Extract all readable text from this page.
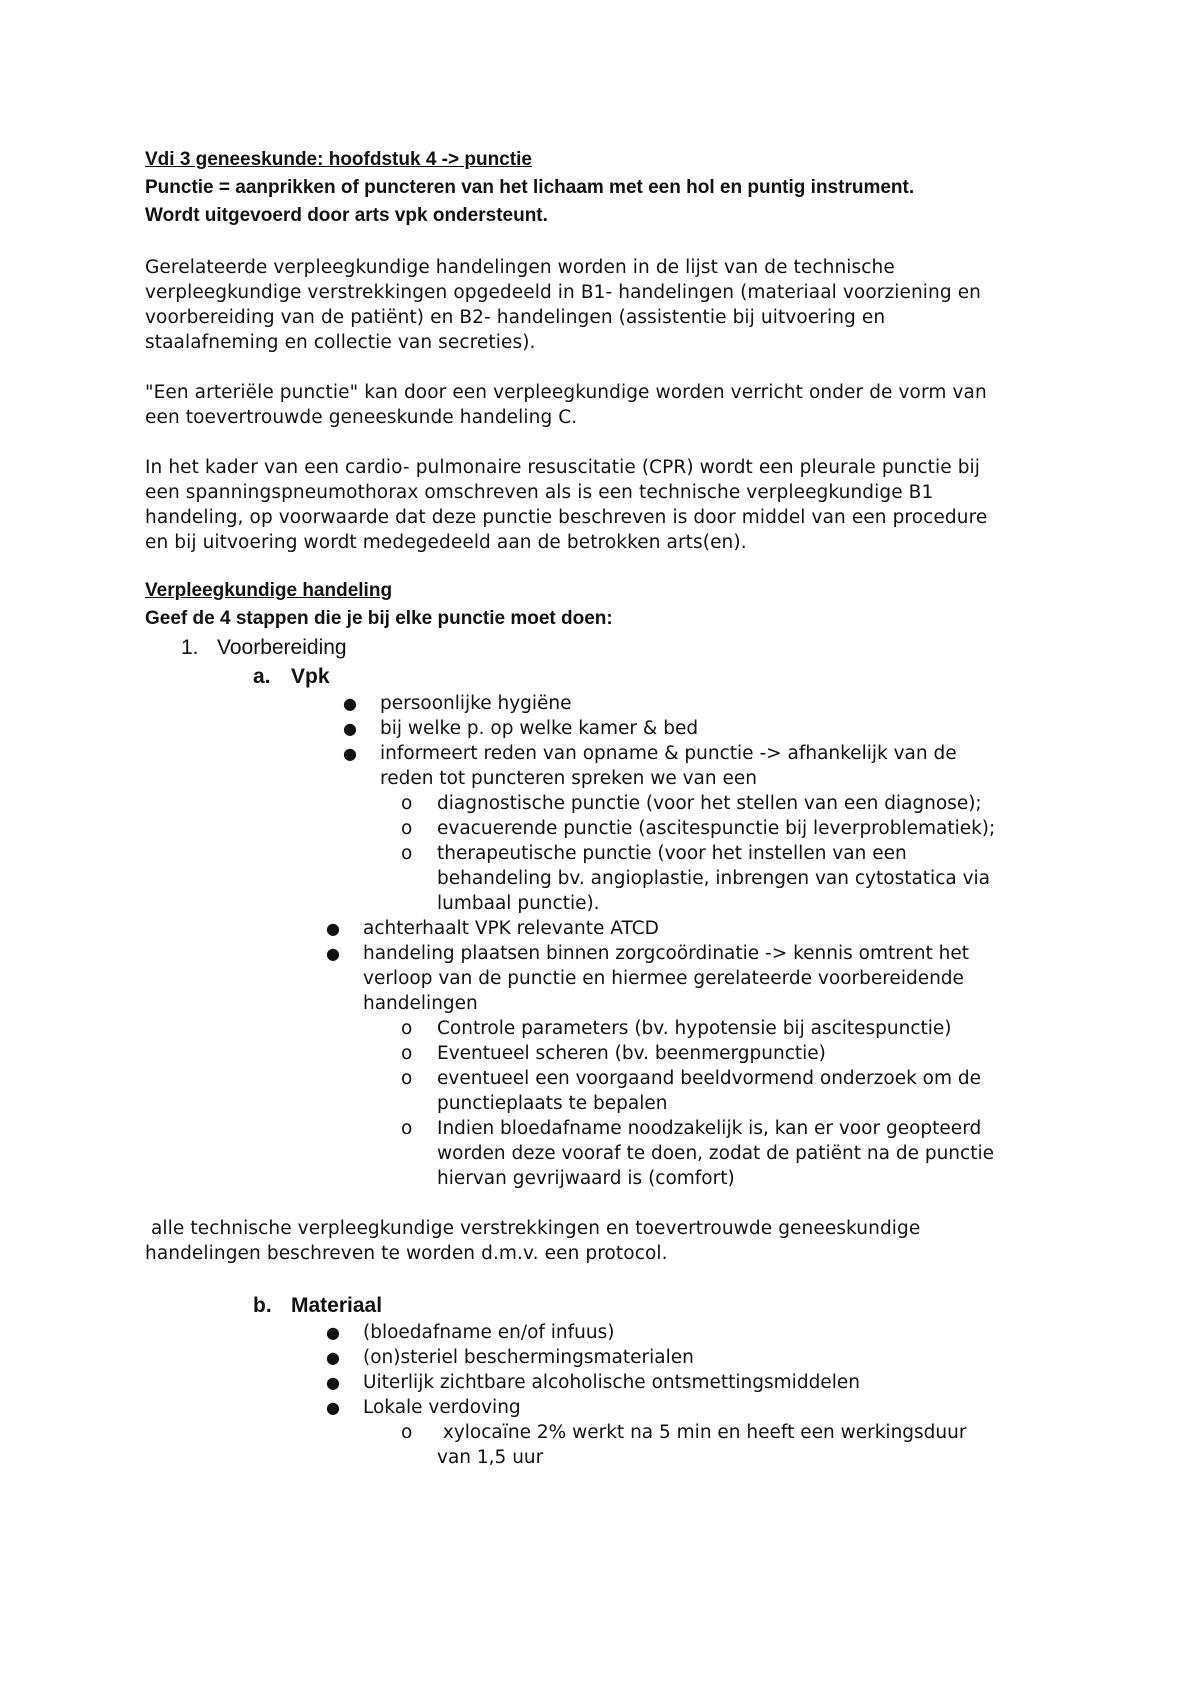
Vdi 3 geneeskunde: hoofdstuk 4 -> punctie

Punctie = aanprikken of puncteren van het lichaam met een hol en puntig instrument.

Wordt uitgevoerd door arts vpk ondersteunt.

Gerelateerde verpleegkundige handelingen worden in de lijst van de technische

verpleegkundige verstrekkingen opgedeeld in B1- handelingen (materiaal voorziening en

voorbereiding van de patiënt) en B2- handelingen (assistentie bij uitvoering en

staalafneming en collectie van secreties).

"Een arteriële punctie" kan door een verpleegkundige worden verricht onder de vorm van

een toevertrouwde geneeskunde handeling C.

In het kader van een cardio- pulmonaire resuscitatie (CPR) wordt een pleurale punctie bij

een spanningspneumothorax omschreven als is een technische verpleegkundige B1

handeling, op voorwaarde dat deze punctie beschreven is door middel van een procedure

en bij uitvoering wordt medegedeeld aan de betrokken arts(en).

Verpleegkundige handeling

Geef de 4 stappen die je bij elke punctie moet doen:

1. Voorbereiding
a. Vpk
● persoonlijke hygiëne
● bij welke p. op welke kamer & bed
● informeert reden van opname & punctie -> afhankelijk van de
reden tot puncteren spreken we van een
o diagnostische punctie (voor het stellen van een diagnose);
o evacuerende punctie (ascitespunctie bij leverproblematiek);
o therapeutische punctie (voor het instellen van een
behandeling bv. angioplastie, inbrengen van cytostatica via
lumbaal punctie).
● achterhaalt VPK relevante ATCD
● handeling plaatsen binnen zorgcoördinatie -> kennis omtrent het
verloop van de punctie en hiermee gerelateerde voorbereidende
handelingen
o Controle parameters (bv. hypotensie bij ascitespunctie)
o Eventueel scheren (bv. beenmergpunctie)
o eventueel een voorgaand beeldvormend onderzoek om de
punctieplaats te bepalen
o Indien bloedafname noodzakelijk is, kan er voor geopteerd
worden deze vooraf te doen, zodat de patiënt na de punctie
hiervan gevrijwaard is (comfort)

alle technische verpleegkundige verstrekkingen en toevertrouwde geneeskundige

handelingen beschreven te worden d.m.v. een protocol.

b. Materiaal
● (bloedafname en/of infuus)
● (on)steriel beschermingsmaterialen
● Uiterlijk zichtbare alcoholische ontsmettingsmiddelen
● Lokale verdoving
o xylocaïne 2% werkt na 5 min en heeft een werkingsduur
van 1,5 uur
